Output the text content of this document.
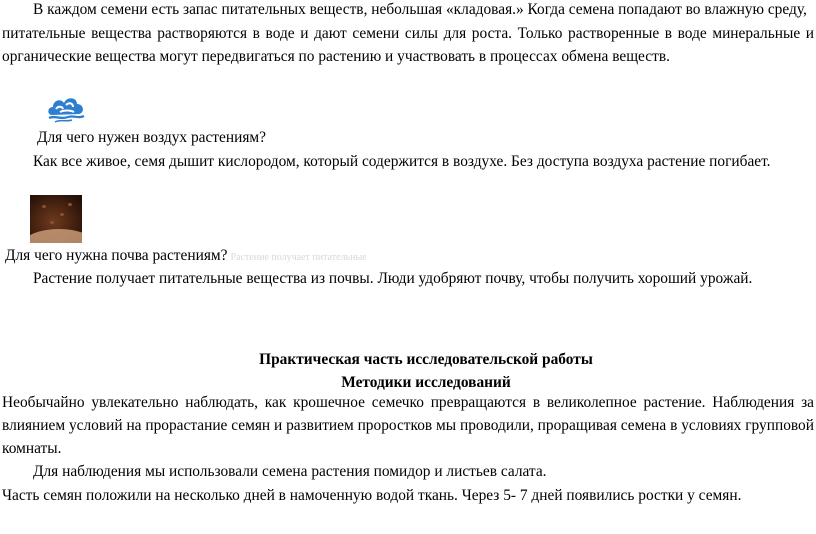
В каждом семени есть запас питательных веществ, небольшая «кладовая.» Когда семена попадают во влажную среду,
питательные вещества растворяются в воде и дают семени силы для роста. Только растворенные в воде минеральные и
органические вещества могут передвигаться по растению и участвовать в процессах обмена веществ.
Для чего нужен воздух растениям?
Как все живое, семя дышит кислородом, который содержится в воздухе. Без доступа воздуха растение погибает.
Для чего нужна почва растениям? Растение получает питательные
Растение получает питательные вещества из почвы. Люди удобряют почву, чтобы получить хороший урожай.
Практическая часть исследовательской работы
Методики исследований
Необычайно увлекательно наблюдать, как крошечное семечко превращаются в великолепное растение. Наблюдения за
влиянием условий на прорастание семян и развитием проростков мы проводили, проращивая семена в условиях групповой
комнаты.
Для наблюдения мы использовали семена растения помидор и листьев салата.
Часть семян положили на несколько дней в намоченную водой ткань. Через 5- 7 дней появились ростки у семян.
